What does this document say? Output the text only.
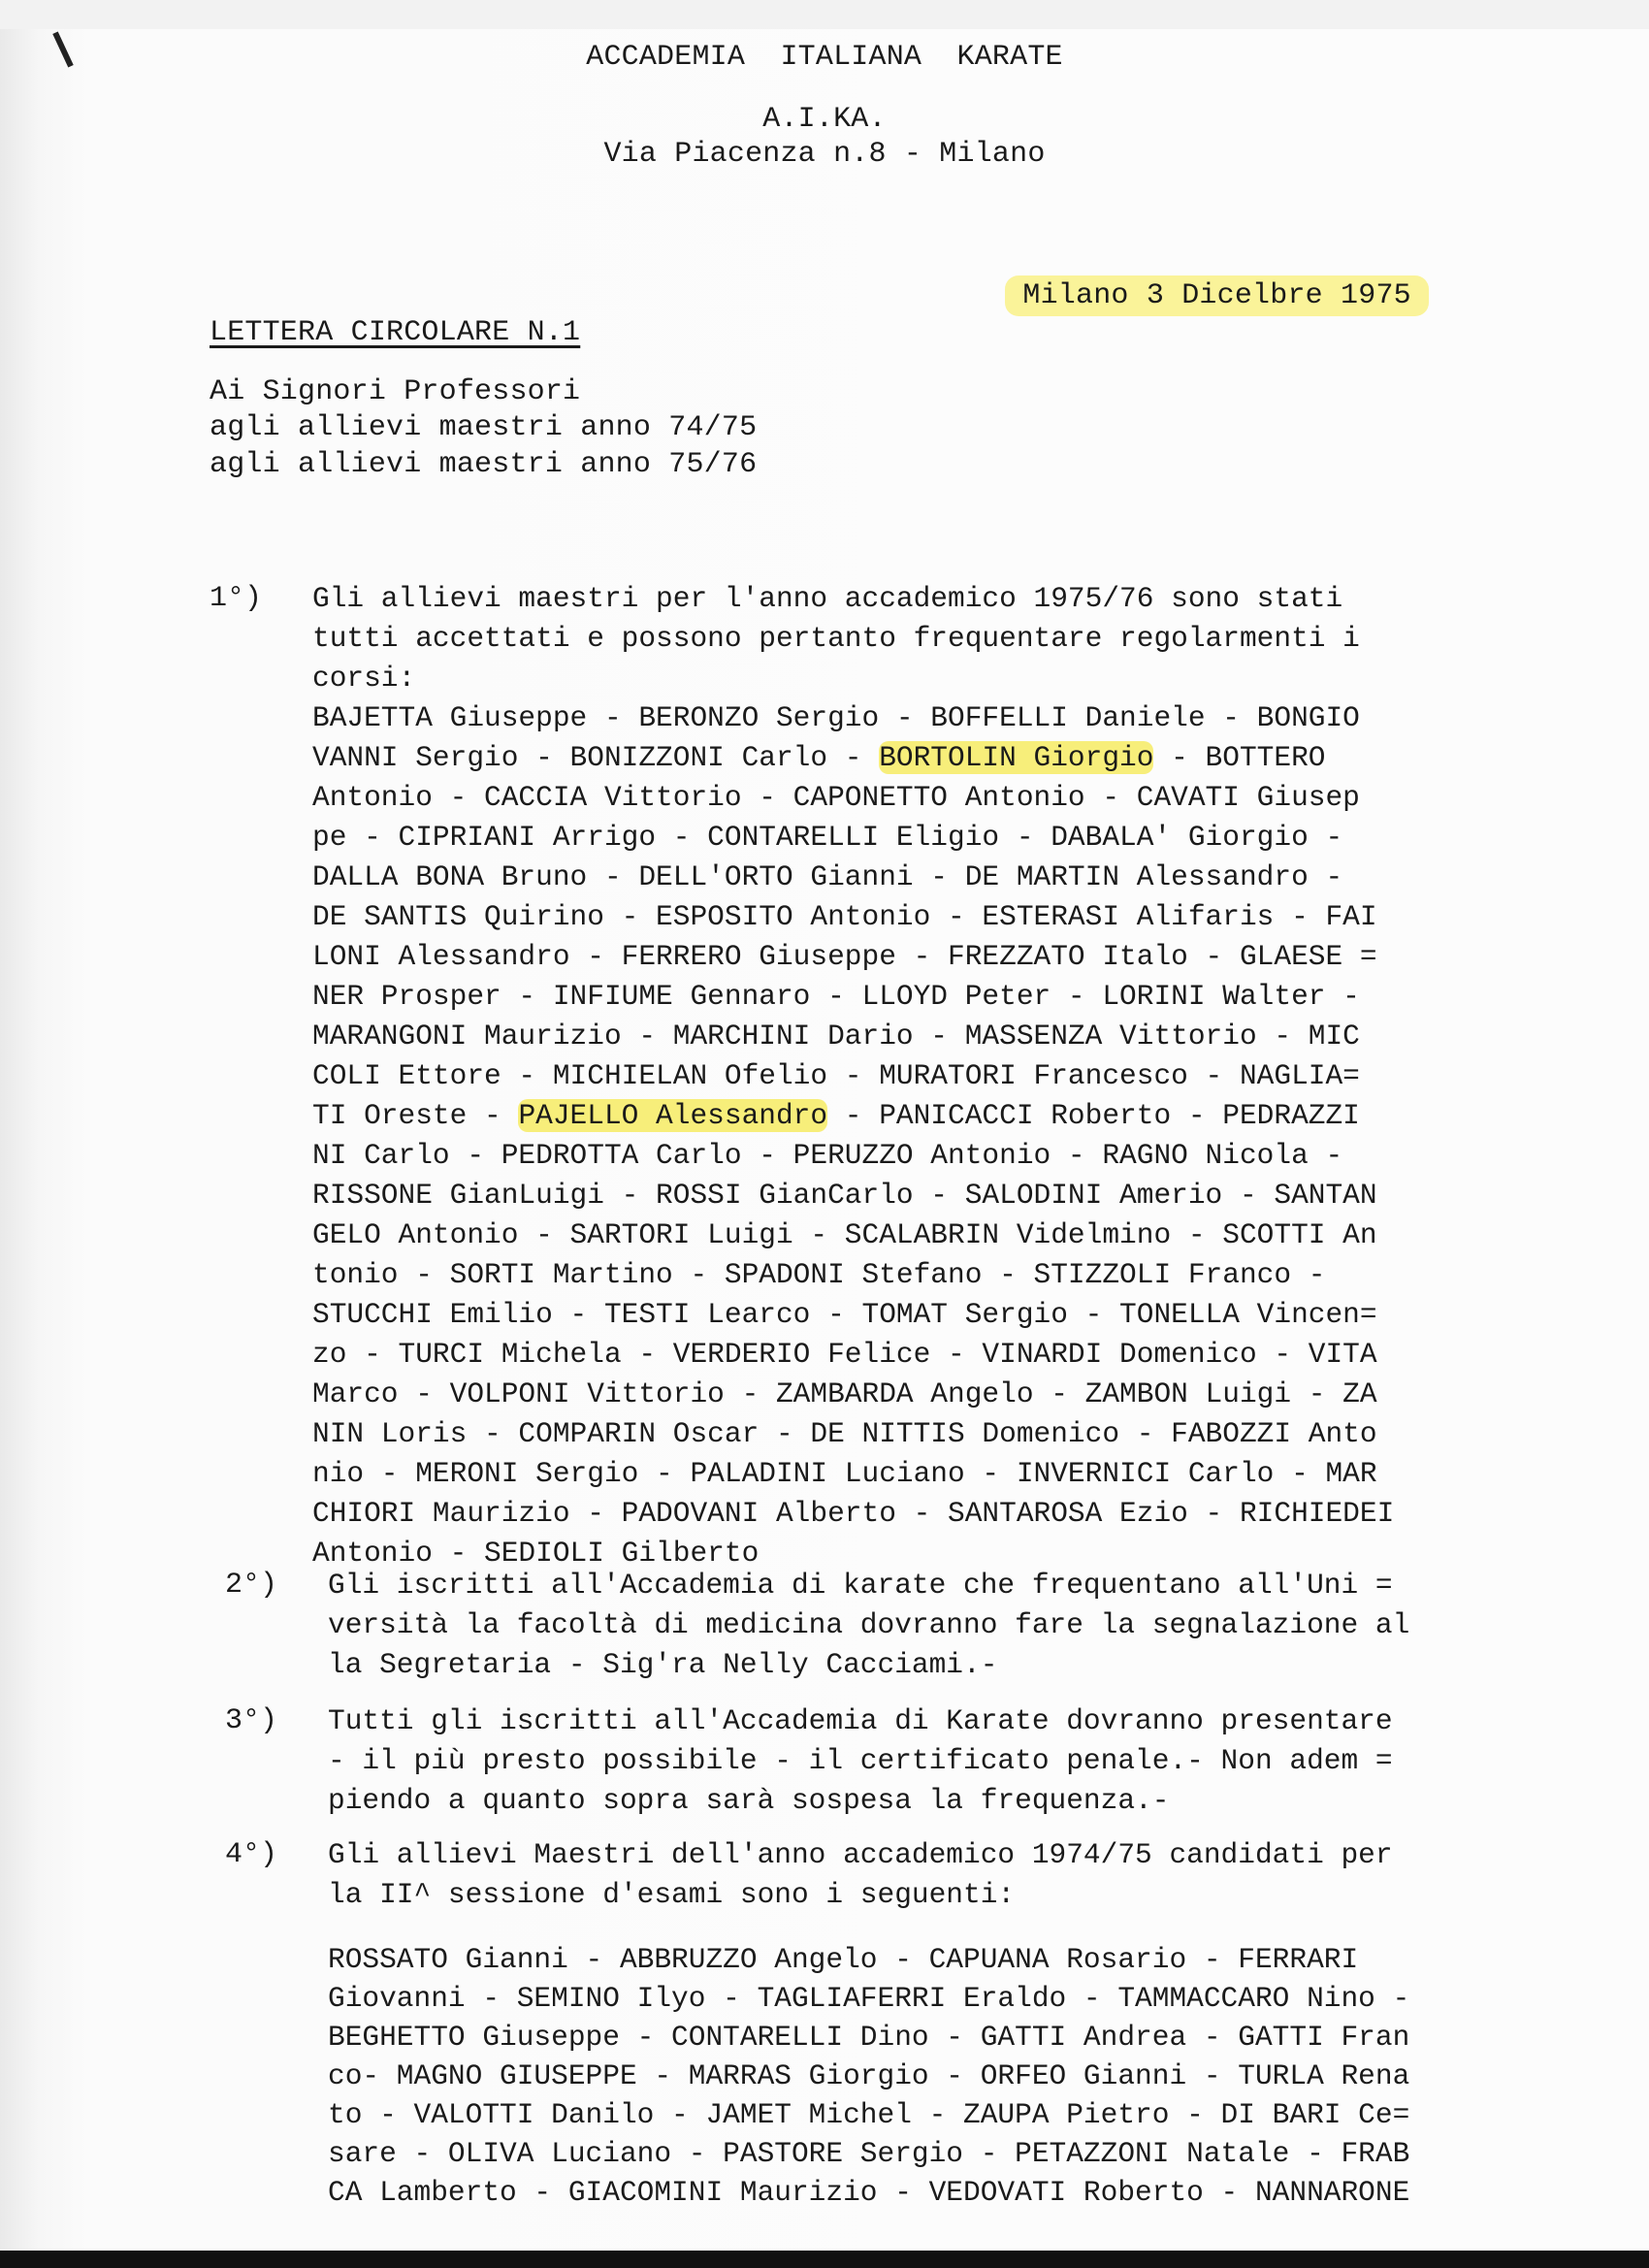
ACCADEMIA  ITALIANA  KARATE
A.I.KA.
Via Piacenza n.8 - Milano

Milano 3 Dicelbre 1975

LETTERA CIRCOLARE N.1
Ai Signori Professori
agli allievi maestri anno 74/75
agli allievi maestri anno 75/76
1°) Gli allievi maestri per l'anno accademico 1975/76 sono stati
tutti accettati e possono pertanto frequentare regolarmenti i
corsi:
BAJETTA Giuseppe - BERONZO Sergio - BOFFELLI Daniele - BONGIO
VANNI Sergio - BONIZZONI Carlo - BORTOLIN Giorgio - BOTTERO
Antonio - CACCIA Vittorio - CAPONETTO Antonio - CAVATI Giusep
pe - CIPRIANI Arrigo - CONTARELLI Eligio - DABALA' Giorgio -
DALLA BONA Bruno - DELL'ORTO Gianni - DE MARTIN Alessandro -
DE SANTIS Quirino - ESPOSITO Antonio - ESTERASI Alifaris - FAI
LONI Alessandro - FERRERO Giuseppe - FREZZATO Italo - GLAESE =
NER Prosper - INFIUME Gennaro - LLOYD Peter - LORINI Walter -
MARANGONI Maurizio - MARCHINI Dario - MASSENZA Vittorio - MIC
COLI Ettore - MICHIELAN Ofelio - MURATORI Francesco - NAGLIA=
TI Oreste - PAJELLO Alessandro - PANICACCI Roberto - PEDRAZZI
NI Carlo - PEDROTTA Carlo - PERUZZO Antonio - RAGNO Nicola -
RISSONE GianLuigi - ROSSI GianCarlo - SALODINI Amerio - SANTAN
GELO Antonio - SARTORI Luigi - SCALABRIN Videlmino - SCOTTI An
tonio - SORTI Martino - SPADONI Stefano - STIZZOLI Franco -
STUCCHI Emilio - TESTI Learco - TOMAT Sergio - TONELLA Vincen=
zo - TURCI Michela - VERDERIO Felice - VINARDI Domenico - VITA
Marco - VOLPONI Vittorio - ZAMBARDA Angelo - ZAMBON Luigi - ZA
NIN Loris - COMPARIN Oscar - DE NITTIS Domenico - FABOZZI Anto
nio - MERONI Sergio - PALADINI Luciano - INVERNICI Carlo - MAR
CHIORI Maurizio - PADOVANI Alberto - SANTAROSA Ezio - RICHIEDEI
Antonio - SEDIOLI Gilberto
2°) Gli iscritti all'Accademia di karate che frequentano all'Uni =
versità la facoltà di medicina dovranno fare la segnalazione al
la Segretaria - Sig'ra Nelly Cacciami.-
3°) Tutti gli iscritti all'Accademia di Karate dovranno presentare
- il più presto possibile - il certificato penale.- Non adem =
piendo a quanto sopra sarà sospesa la frequenza.-
4°) Gli allievi Maestri dell'anno accademico 1974/75 candidati per
la II^ sessione d'esami sono i seguenti:
ROSSATO Gianni - ABBRUZZO Angelo - CAPUANA Rosario - FERRARI
Giovanni - SEMINO Ilyo - TAGLIAFERRI Eraldo - TAMMACCARO Nino -
BEGHETTO Giuseppe - CONTARELLI Dino - GATTI Andrea - GATTI Fran
co- MAGNO GIUSEPPE - MARRAS Giorgio - ORFEO Gianni - TURLA Rena
to - VALOTTI Danilo - JAMET Michel - ZAUPA Pietro - DI BARI Ce=
sare - OLIVA Luciano - PASTORE Sergio - PETAZZONI Natale - FRAB
CA Lamberto - GIACOMINI Maurizio - VEDOVATI Roberto - NANNARONE
